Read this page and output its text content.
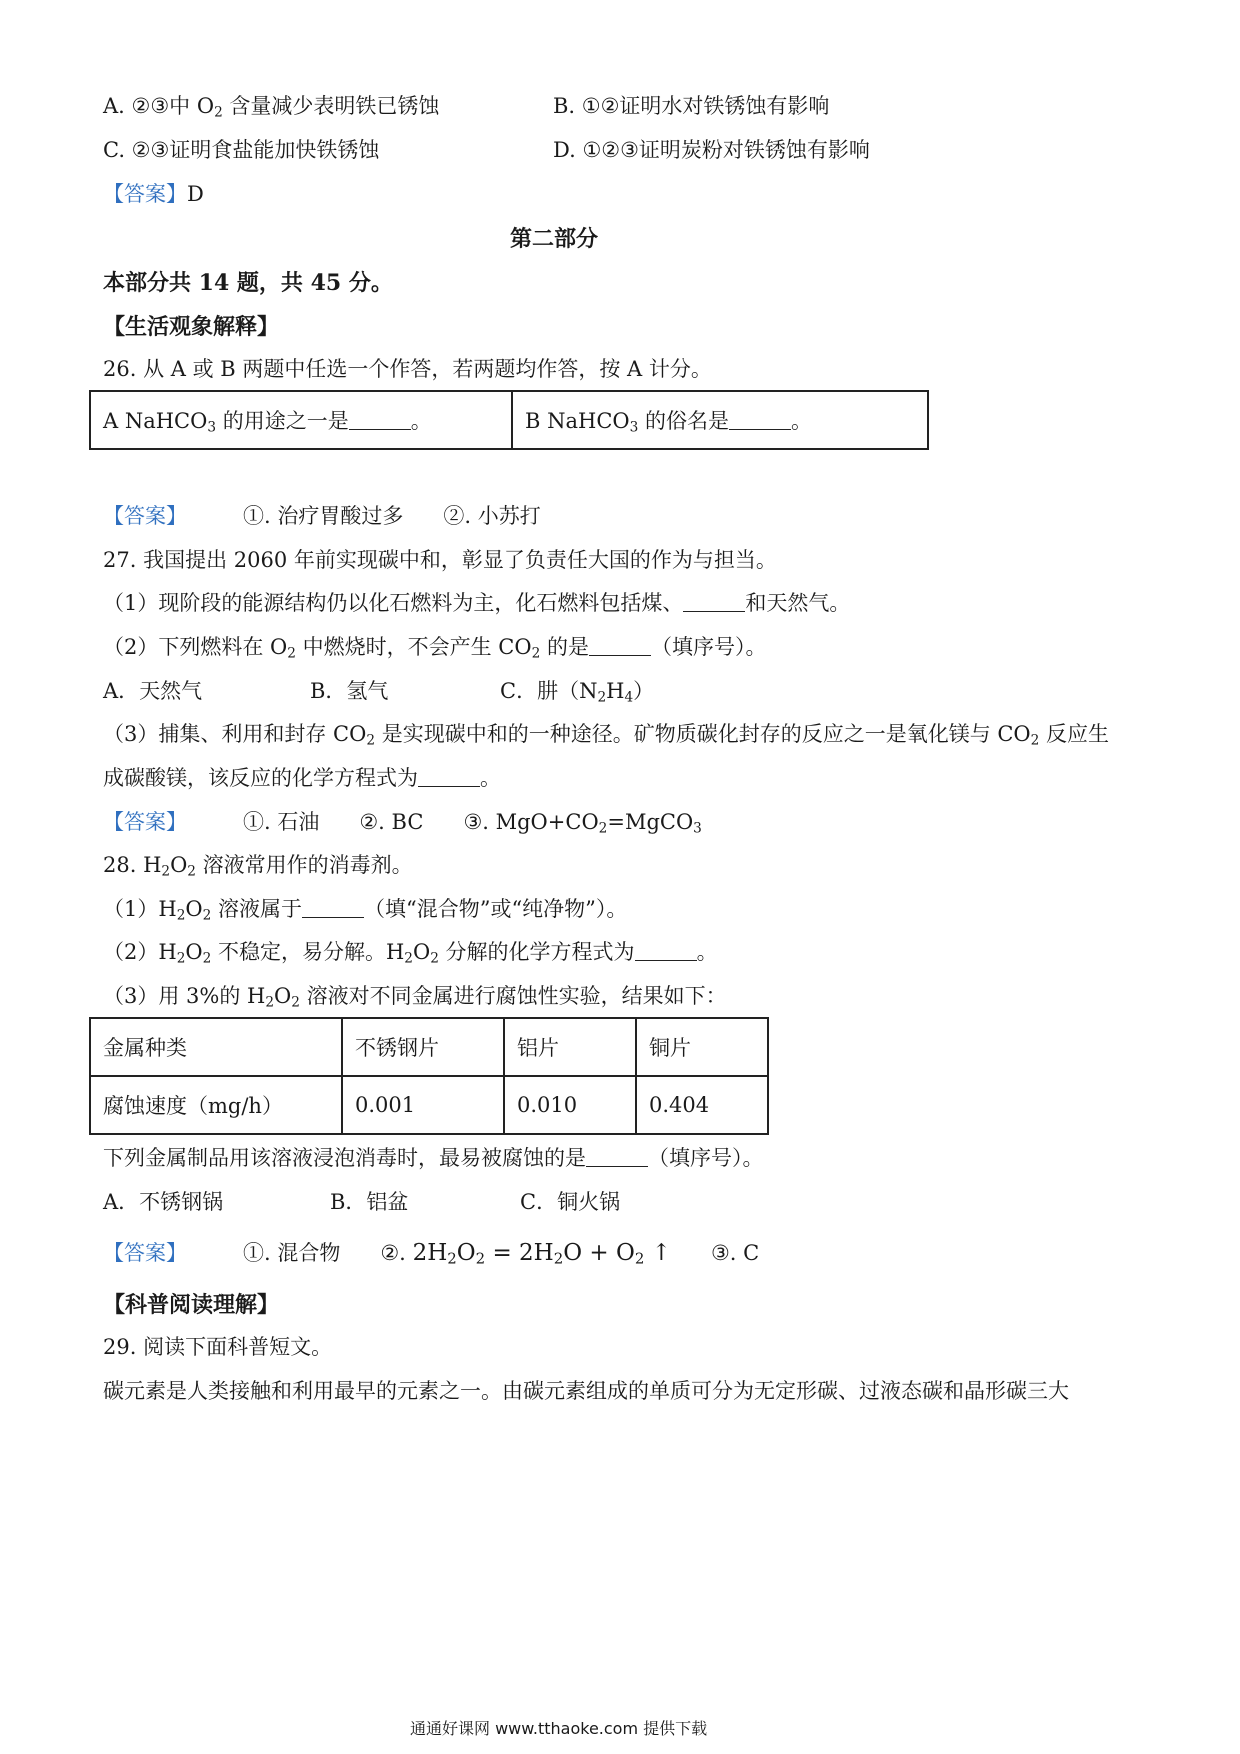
A. ②③中 $O_2$ 含量减少表明铁已锈蚀	B. ①②证明水对铁锈蚀有影响
C. ②③证明食盐能加快铁锈蚀	D. ①②③证明炭粉对铁锈蚀有影响
【答案】D
第二部分
本部分共 14 题，共 45 分。
【生活观象解释】
26. 从 A 或 B 两题中任选一个作答，若两题均作答，按 A 计分。
A NaHCO$_3$ 的用途之一是	。	B NaHCO$_3$ 的俗名是	。
【答案】	①. 治疗胃酸过多 ②. 小苏打
27. 我国提出 2060 年前实现碳中和，彰显了负责任大国的作为与担当。
（1）现阶段的能源结构仍以化石燃料为主，化石燃料包括煤、	和天然气。
（2）下列燃料在 $O_2$ 中燃烧时，不会产生 $CO_2$ 的是	（填序号）。
A．天然气	B．氢气	C．肼$(N_2H_4)$
（3）捕集、利用和封存 $CO_2$ 是实现碳中和的一种途径。矿物质碳化封存的反应之一是氧化镁与 $CO_2$ 反应生
成碳酸镁，该反应的化学方程式为	。
【答案】	①. 石油 ②. BC ③. $MgO+CO_2=MgCO_3$
28. $H_2O_2$ 溶液常用作的消毒剂。
$(1)H_2O_2$ 溶液属于	（填“混合物”或“纯净物”）。
$(2)H_2O_2$ 不稳定，易分解。$H_2O_2$ 分解的化学方程式为	。
（3）用 3%的 $H_2O_2$ 溶液对不同金属进行腐蚀性实验，结果如下：
金属种类	不锈钢片	铝片	铜片
腐蚀速度（mg/h）	0.001	0.010	0.404
下列金属制品用该溶液浸泡消毒时，最易被腐蚀的是	（填序号）。
A．不锈钢锅	B．铝盆	C．铜火锅
【答案】	①. 混合物 ②. $2H_2O_2 = 2H_2O + O_2$ ↑ ③. C
【科普阅读理解】
29. 阅读下面科普短文。
碳元素是人类接触和利用最早的元素之一。由碳元素组成的单质可分为无定形碳、过液态碳和晶形碳三大
通通好课网 www.tthaoke.com 提供下载
